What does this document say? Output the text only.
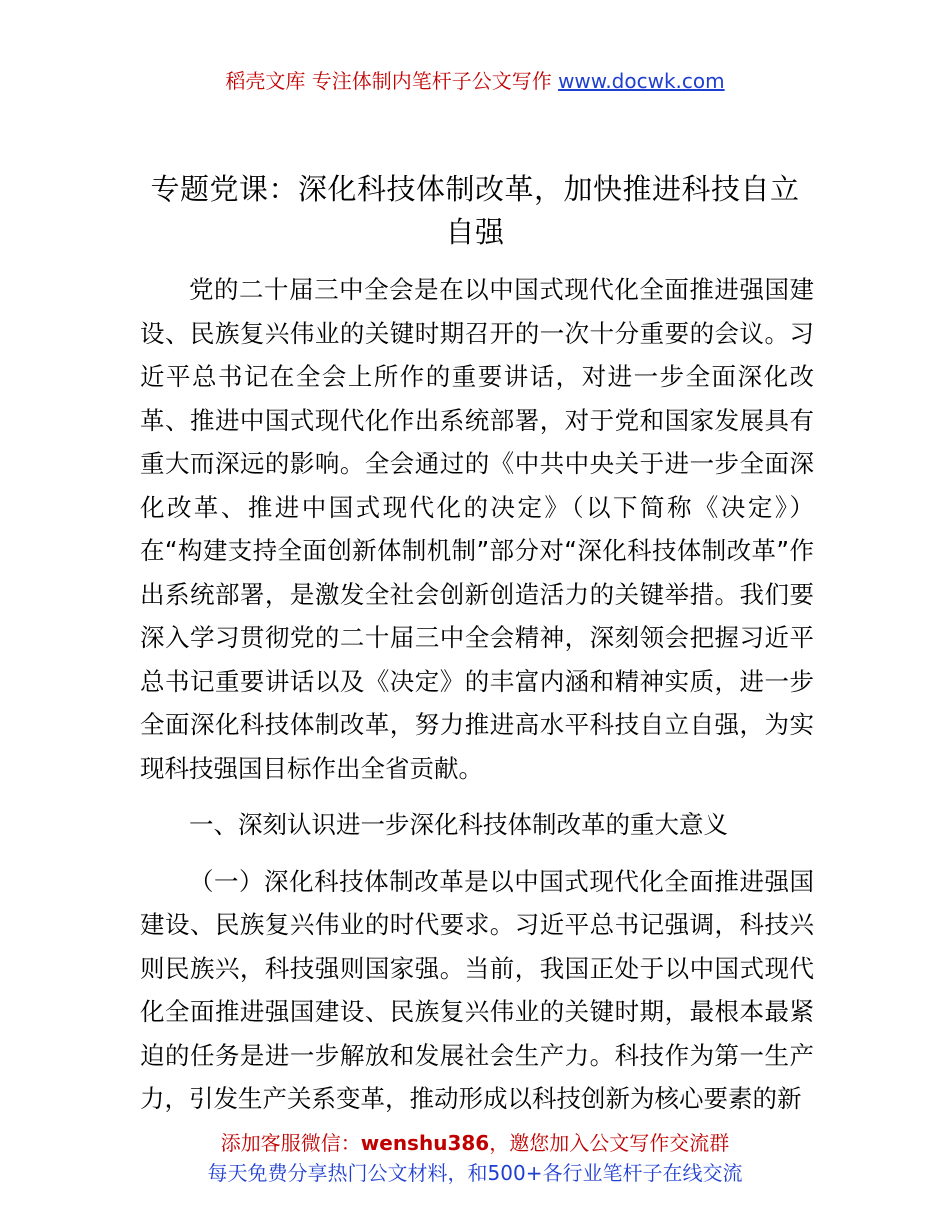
稻壳文库 专注体制内笔杆子公文写作 www.docwk.com
专题党课：深化科技体制改革，加快推进科技自立自强

党的二十届三中全会是在以中国式现代化全面推进强国建设、民族复兴伟业的关键时期召开的一次十分重要的会议。习近平总书记在全会上所作的重要讲话，对进一步全面深化改革、推进中国式现代化作出系统部署，对于党和国家发展具有重大而深远的影响。全会通过的《中共中央关于进一步全面深化改革、推进中国式现代化的决定》（以下简称《决定》）在“构建支持全面创新体制机制”部分对“深化科技体制改革”作出系统部署，是激发全社会创新创造活力的关键举措。我们要深入学习贯彻党的二十届三中全会精神，深刻领会把握习近平总书记重要讲话以及《决定》的丰富内涵和精神实质，进一步全面深化科技体制改革，努力推进高水平科技自立自强，为实现科技强国目标作出全省贡献。

一、深刻认识进一步深化科技体制改革的重大意义

（一）深化科技体制改革是以中国式现代化全面推进强国建设、民族复兴伟业的时代要求。习近平总书记强调，科技兴则民族兴，科技强则国家强。当前，我国正处于以中国式现代化全面推进强国建设、民族复兴伟业的关键时期，最根本最紧迫的任务是进一步解放和发展社会生产力。科技作为第一生产力，引发生产关系变革，推动形成以科技创新为核心要素的新

添加客服微信：wenshu386，邀您加入公文写作交流群
每天免费分享热门公文材料，和500+各行业笔杆子在线交流
